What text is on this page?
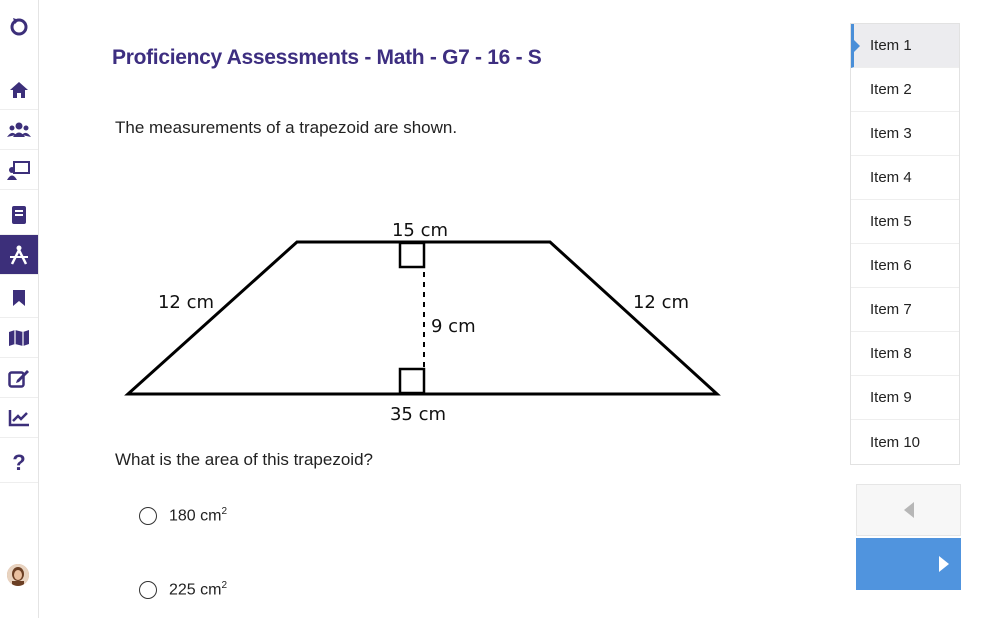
?
Proficiency Assessments - Math - G7 - 16 - S
The measurements of a trapezoid are shown.
15 cm
35 cm
12 cm	12 cm
9 cm
What is the area of this trapezoid?
180 $cm^2$
225 $cm^2$
Item 1
Item 2
Item 3
Item 4
Item 5
Item 6
Item 7
Item 8
Item 9
Item 10
